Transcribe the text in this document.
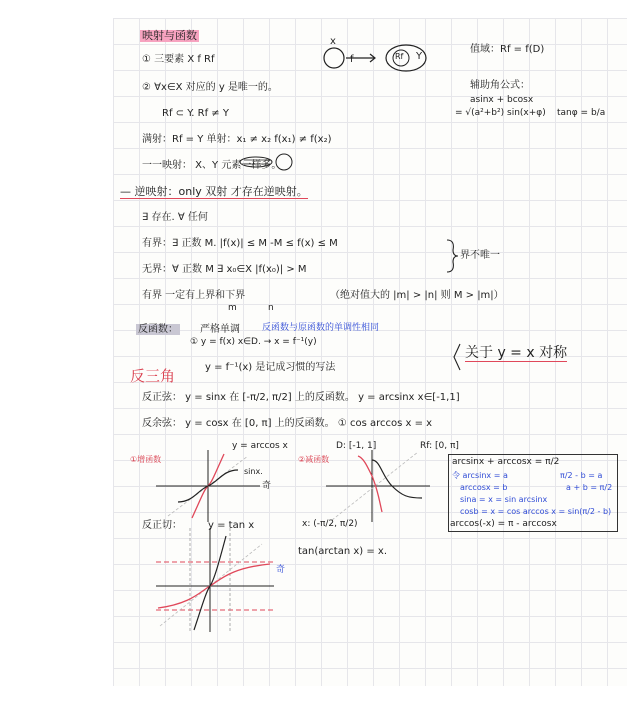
映射与函数
① 三要素 X f Rf
x
f	Rf Y
值域：Rf = f(D)
② ∀x∈X 对应的 y 是唯一的。	辅助角公式：
asinx + bcosx
= √(a²+b²) sin(x+φ) tanφ = b/a
Rf ⊂ Y. Rf ≠ Y
满射：Rf = Y 单射：x₁ ≠ x₂ f(x₁) ≠ f(x₂)
一一映射： X、Y 元素一样多。
— 逆映射：only 双射 才存在逆映射。
∃ 存在. ∀ 任何
有界：∃ 正数 M. |f(x)| ≤ M -M ≤ f(x) ≤ M
无界：∀ 正数 M ∃ x₀∈X |f(x₀)| > M
界不唯一
有界 一定有上界和下界
m	n
（绝对值大的 |m| > |n| 则 M > |m|）
反函数： 严格单调 反函数与原函数的单调性相同
① y = f(x) x∈D. → x = f⁻¹(y)
y = f⁻¹(x) 是记成习惯的写法
关于 y = x 对称
反三角
反正弦： y = sinx 在 [-π/2, π/2] 上的反函数。 y = arcsinx x∈[-1,1]
反余弦： y = cosx 在 [0, π] 上的反函数。 ① cos arccos x = x
①增函数
y = arccos x
sinx.
奇
②减函数
D: [-1, 1]	Rf: [0, π]
arcsinx + arccosx = π/2
令 arcsinx = a	π/2 - b = a
arccosx = b	a + b = π/2
sina = x = sin arcsinx
cosb = x = cos arccos x = sin(π/2 - b)
arccos(-x) = π - arccosx
反正切：	y = tan x	x: (-π/2, π/2)
tan(arctan x) = x.
奇
